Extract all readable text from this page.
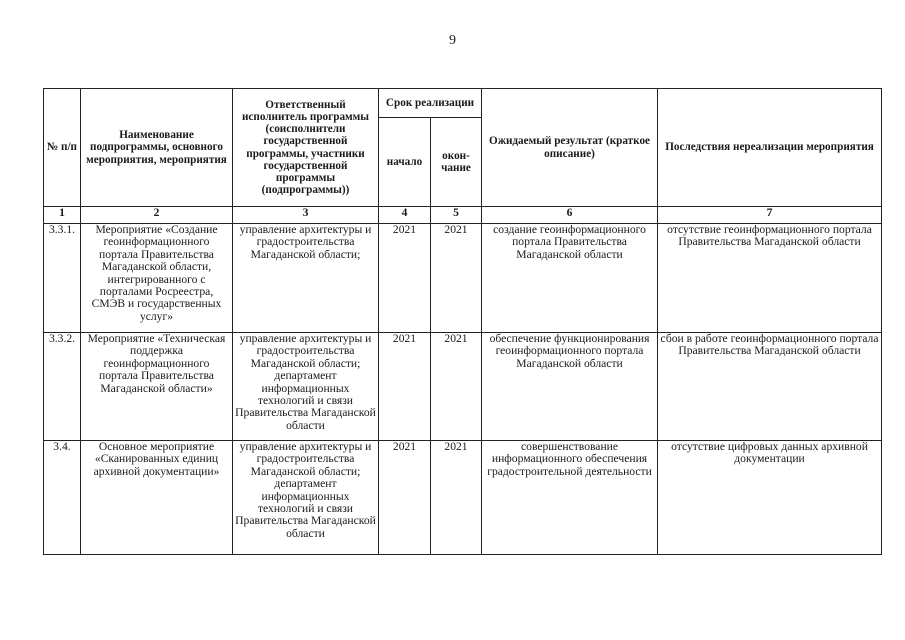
9
№ п/п	Наименование подпрограммы, основного мероприятия, мероприятия	Ответственный исполнитель программы (соисполнители государственной программы, участники государственной программы (подпрограммы))	Срок реализации		Ожидаемый результат (краткое описание)	Последствия нереализации мероприятия
			начало	окон-чание		
1	2	3	4	5	6	7
3.3.1.	Мероприятие «Создание геоинформационного портала Правительства Магаданской области, интегрированного с порталами Росреестра, СМЭВ и государственных услуг»	управление архитектуры и градостроительства Магаданской области;	2021	2021	создание геоинформационного портала Правительства Магаданской области	отсутствие геоинформационного портала Правительства Магаданской области
3.3.2.	Мероприятие «Техническая поддержка геоинформационного портала Правительства Магаданской области»	управление архитектуры и градостроительства Магаданской области; департамент информационных технологий и связи Правительства Магаданской области	2021	2021	обеспечение функционирования геоинформационного портала Магаданской области	сбои в работе геоинформационного портала Правительства Магаданской области
3.4.	Основное мероприятие «Сканированных единиц архивной документации»	управление архитектуры и градостроительства Магаданской области; департамент информационных технологий и связи Правительства Магаданской области	2021	2021	совершенствование информационного обеспечения градостроительной деятельности	отсутствие цифровых данных архивной документации
